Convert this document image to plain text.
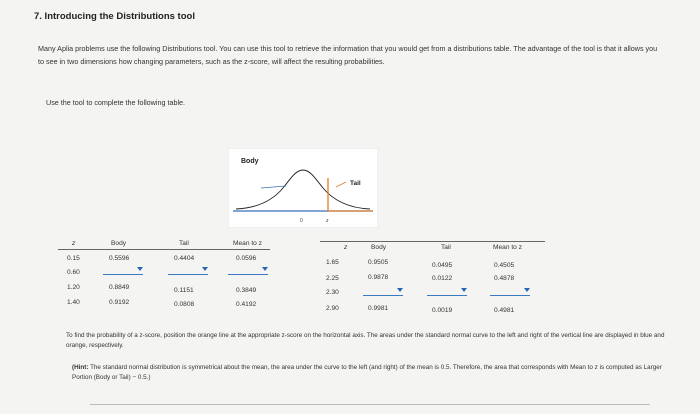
7. Introducing the Distributions tool
Many Aplia problems use the following Distributions tool. You can use this tool to retrieve the information that you would get from a distributions table. The advantage of the tool is that it allows you to see in two dimensions how changing parameters, such as the z-score, will affect the resulting probabilities.
Use the tool to complete the following table.
Body
Tail
0	z
z	Body	Tail	Mean to z
0.15	0.5596	0.4404	0.0596
0.60
1.20	0.8849	0.1151	0.3849
1.40	0.9192	0.0808	0.4192
z	Body	Tail	Mean to z
1.65	0.9505	0.0495	0.4505
2.25	0.9878	0.0122	0.4878
2.30
2.90	0.9981	0.0019	0.4981
To find the probability of a z-score, position the orange line at the appropriate z-score on the horizontal axis. The areas under the standard normal curve to the left and right of the vertical line are displayed in blue and orange, respectively.
(Hint: The standard normal distribution is symmetrical about the mean, the area under the curve to the left (and right) of the mean is 0.5. Therefore, the area that corresponds with Mean to z is computed as Larger Portion (Body or Tail) − 0.5.)
